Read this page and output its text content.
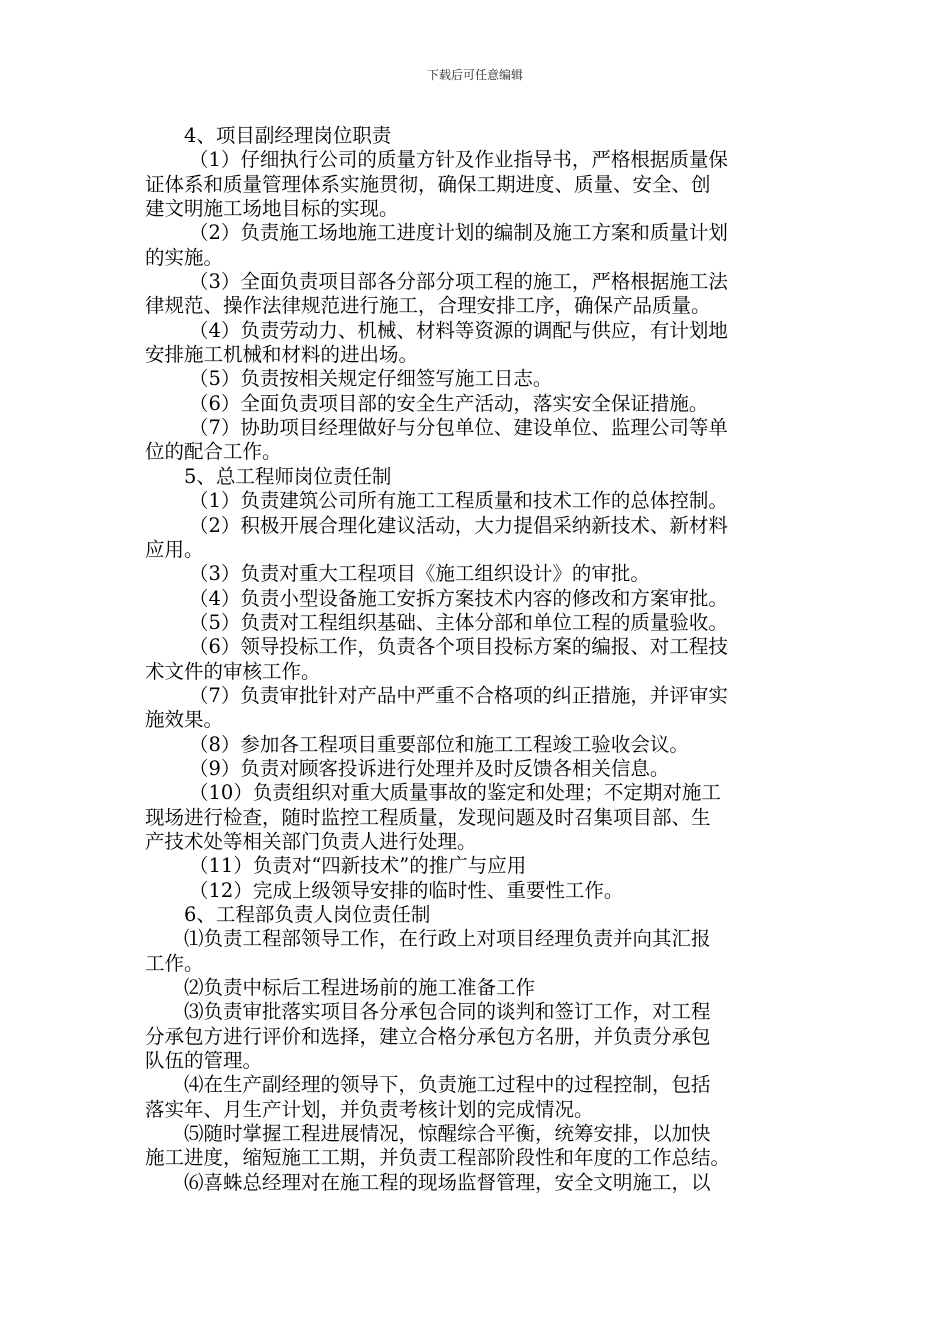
下载后可任意编辑
4、项目副经理岗位职责
（1）仔细执行公司的质量方针及作业指导书，严格根据质量保
证体系和质量管理体系实施贯彻，确保工期进度、质量、安全、创
建文明施工场地目标的实现。
（2）负责施工场地施工进度计划的编制及施工方案和质量计划
的实施。
（3）全面负责项目部各分部分项工程的施工，严格根据施工法
律规范、操作法律规范进行施工，合理安排工序，确保产品质量。
（4）负责劳动力、机械、材料等资源的调配与供应，有计划地
安排施工机械和材料的进出场。
（5）负责按相关规定仔细签写施工日志。
（6）全面负责项目部的安全生产活动，落实安全保证措施。
（7）协助项目经理做好与分包单位、建设单位、监理公司等单
位的配合工作。
5、总工程师岗位责任制
（1）负责建筑公司所有施工工程质量和技术工作的总体控制。
（2）积极开展合理化建议活动，大力提倡采纳新技术、新材料
应用。
（3）负责对重大工程项目《施工组织设计》的审批。
（4）负责小型设备施工安拆方案技术内容的修改和方案审批。
（5）负责对工程组织基础、主体分部和单位工程的质量验收。
（6）领导投标工作，负责各个项目投标方案的编报、对工程技
术文件的审核工作。
（7）负责审批针对产品中严重不合格项的纠正措施，并评审实
施效果。
（8）参加各工程项目重要部位和施工工程竣工验收会议。
（9）负责对顾客投诉进行处理并及时反馈各相关信息。
（10）负责组织对重大质量事故的鉴定和处理；不定期对施工
现场进行检查，随时监控工程质量，发现问题及时召集项目部、生
产技术处等相关部门负责人进行处理。
（11）负责对“四新技术”的推广与应用
（12）完成上级领导安排的临时性、重要性工作。
6、工程部负责人岗位责任制
⑴负责工程部领导工作，在行政上对项目经理负责并向其汇报
工作。
⑵负责中标后工程进场前的施工准备工作
⑶负责审批落实项目各分承包合同的谈判和签订工作，对工程
分承包方进行评价和选择，建立合格分承包方名册，并负责分承包
队伍的管理。
⑷在生产副经理的领导下，负责施工过程中的过程控制，包括
落实年、月生产计划，并负责考核计划的完成情况。
⑸随时掌握工程进展情况，惊醒综合平衡，统筹安排，以加快
施工进度，缩短施工工期，并负责工程部阶段性和年度的工作总结。
⑹喜蛛总经理对在施工程的现场监督管理，安全文明施工，以
